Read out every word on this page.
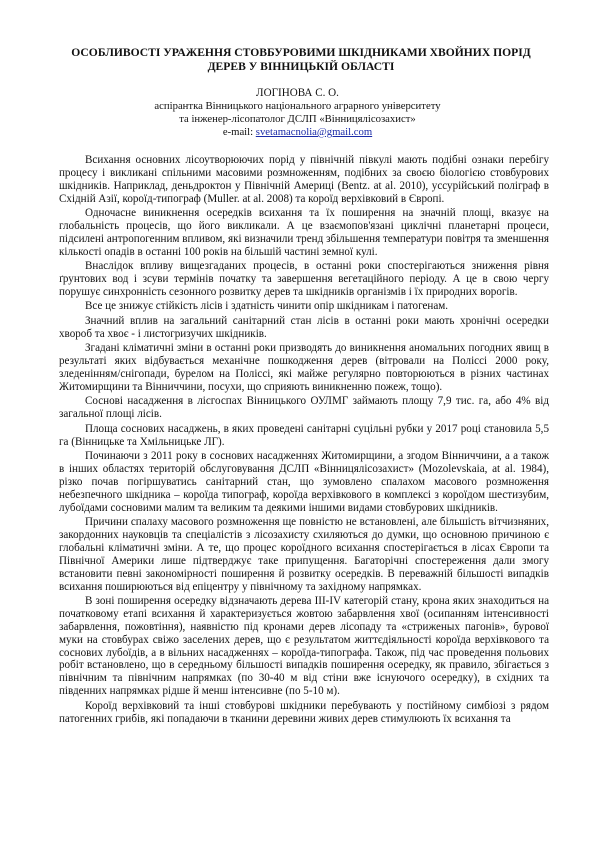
ОСОБЛИВОСТІ УРАЖЕННЯ СТОВБУРОВИМИ ШКІДНИКАМИ ХВОЙНИХ ПОРІД ДЕРЕВ У ВІННИЦЬКІЙ ОБЛАСТІ
ЛОГІНОВА С. О.
аспірантка Вінницького національного аграрного університету
та інженер-лісопатолог ДСЛП «Вінницялісозахист»
e-mail: svetamacnolia@gmail.com

Всихання основних лісоутворюючих порід у північній півкулі мають подібні ознаки перебігу процесу і викликані спільними масовими розмноженням, подібних за своєю біологією стовбурових шкідників. Наприклад, деньдроктон у Північній Америці (Bentz. at al. 2010), уссурійський поліграф в Східній Азії, короїд-типограф (Muller. at al. 2008) та короїд верхівковий в Європі.

Одночасне виникнення осередків всихання та їх поширення на значній площі, вказує на глобальність процесів, що його викликали. А це взаємопов'язані циклічні планетарні процеси, підсилені антропогенним впливом, які визначили тренд збільшення температури повітря та зменшення кількості опадів в останні 100 років на більшій частині земної кулі.

Внаслідок впливу вищезгаданих процесів, в останні роки спостерігаються зниження рівня ґрунтових вод і зсуви термінів початку та завершення вегетаційного періоду. А це в свою чергу порушує синхронність сезонного розвитку дерев та шкідників організмів і їх природних ворогів.

Все це знижує стійкість лісів і здатність чинити опір шкідникам і патогенам.

Значний вплив на загальний санітарний стан лісів в останні роки мають хронічні осередки хвороб та хвоє - і листогризучих шкідників.

Згадані кліматичні зміни в останні роки призводять до виникнення аномальних погодних явищ в результаті яких відбувається механічне пошкодження дерев (вітровали на Поліссі 2000 року, зледенінням/снігопади, бурелом на Поліссі, які майже регулярно повторюються в різних частинах Житомирщини та Вінниччини, посухи, що сприяють виникненню пожеж, тощо).

Соснові насадження в лісгоспах Вінницького ОУЛМГ займають площу 7,9 тис. га, або 4% від загальної площі лісів.

Площа соснових насаджень, в яких проведені санітарні суцільні рубки у 2017 році становила 5,5 га (Вінницьке та Хмільницьке ЛГ).

Починаючи з 2011 року в соснових насадженнях Житомирщини, а згодом Вінниччини, а а також в інших областях територій обслуговування ДСЛП «Вінницялісозахист» (Mozolevskaia, at al. 1984), різко почав погіршуватись санітарний стан, що зумовлено спалахом масового розмноження небезпечного шкідника – короїда типограф, короїда верхівкового в комплексі з короїдом шестизубим, лубоїдами сосновими малим та великим та деякими іншими видами стовбурових шкідників.

Причини спалаху масового розмноження ще повністю не встановлені, але більшість вітчизняних, закордонних науковців та спеціалістів з лісозахисту схиляються до думки, що основною причиною є глобальні кліматичні зміни. А те, що процес короїдного всихання спостерігається в лісах Європи та Північної Америки лише підтверджує таке припущення. Багаторічні спостереження дали змогу встановити певні закономірності поширення й розвитку осередків. В переважній більшості випадків всихання поширюються від епіцентру у північному та західному напрямках.

В зоні поширення осередку відзначають дерева ІІІ-ІV категорій стану, крона яких знаходиться на початковому етапі всихання й характеризується жовтою забарвлення хвої (осипанням інтенсивності забарвлення, пожовтіння), наявністю під кронами дерев лісопаду та «стриженых пагонів», бурової муки на стовбурах свіжо заселених дерев, що є результатом життєдіяльності короїда верхівкового та соснових лубоїдів, а в вільних насадженнях – короїда-типографа. Також, під час проведення польових робіт встановлено, що в середньому більшості випадків поширення осередку, як правило, збігається з північним та північним напрямках (по 30-40 м від стіни вже існуючого осередку), в східних та південних напрямках рідше й менш інтенсивне (по 5-10 м).

Короїд верхівковий та інші стовбурові шкідники перебувають у постійному симбіозі з рядом патогенних грибів, які попадаючи в тканини деревини живих дерев стимулюють їх всихання та
